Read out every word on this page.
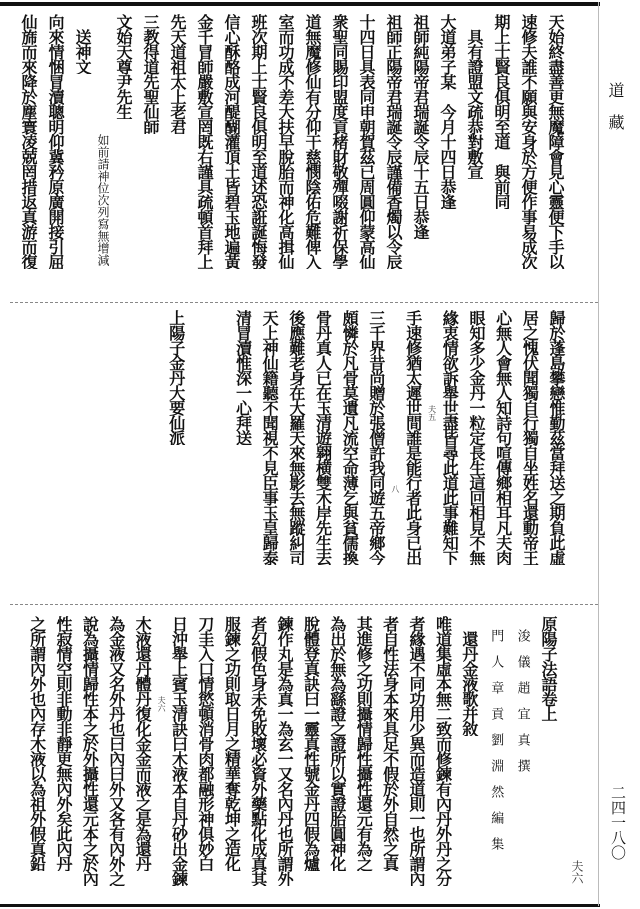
道　藏
二四一八〇
夫六
天始終盡善更無魔障會見心靈便下手以
速修夫誰不願與安身於方便作事易成次
期上士賢良俱明至道　與前同
　具有證盟文疏恭對敷宣
大道弟子某　今月十四日恭逢
祖師純陽帝君瑞誕令辰十五日恭逢
祖師正陽帝君瑞誕令辰謹備香燭以令辰
十四日具表同申朝賀茲已周圓仰蒙高仙
衆聖同賜印盟度貢楮財敬殫啜謝祈保學
道無魔修仙有分仰干慈憫陰佑危難俾入
室而功成不差大扶早脫胎而神化高揖仙
班次期上士賢良俱明至道述恐誑誕悔發
信心酥酪成河醍醐灌頂土皆碧玉地遍黃
金千冒師嚴敷宣罔既右謹具疏頓首拜上
先天道祖太上老君
三教得道先聖仙師
文始天尊尹先生
如前請神位次列寫無增減
　送神文
向來情悃冒瀆聰明仰冀矜原廣開接引屈
仙旆而來降於塵寰凌兢罔措返真游而復
歸於蓬島攀戀惟勤茲當拜送之期負此虛
居之愧伏聞獨自行獨自坐姓名還動帝王
心無人會無人知詩句喧傳鄉相耳凡夫肉
眼知多少金丹一粒定長生這回相見不無
緣衷情欲訴舉世盡皆尋此道此事難知下
夫五
手速修猶太遲世間誰是能行者此身已出
八
三千界昔尚贈於張僧許我同遊五帝鄉今
頗憐於凡骨莫遺凡流空命薄乞與貧儒換
骨丹真人已在玉清遊翱横雙木岸先生去
後應難老身在大羅天來無影去無蹤糾司
天上神仙籍聽不聞視不見臣事玉皇歸泰
清冒瀆惟深一心拜送
上陽子金丹大要仙派
原陽子法語卷上
　浚　儀　趙　宜　真　撰
　門　人　章　貢　劉　淵　然　編　集
　還丹金液歌并敘
唯道集虛本無二致而修鍊有內丹外丹之分
者緣遇不同功用少異而造道則一也所謂內
者自性法身本來具足不假於外自然之真
其進修之功則攝情歸性攝性還元有為之
為出於無為繇證之證所以實證胎圓神化
脫體登真訣曰一靈真性號金丹四假為爐
鍊作丸是為真一為玄一又名內丹也所謂外
者幻假色身未免敗壞必資外藥點化成真其
服鍊之功則取日月之精華奪乾坤之造化
刀圭入口情慾頓消骨肉都融形神俱妙白
日沖舉上賓玉清訣曰木液本自丹砂出金鍊
夫六
木液還丹體丹復化金金而液之是為還丹
為金液又名外丹也曰內曰外又各有內外之
說為攝情歸性本之於外攝性還元本之於內
性寂情空則非動非靜更無內外矣此內丹
之所謂內外也內存木液以為祖外假真鉛
